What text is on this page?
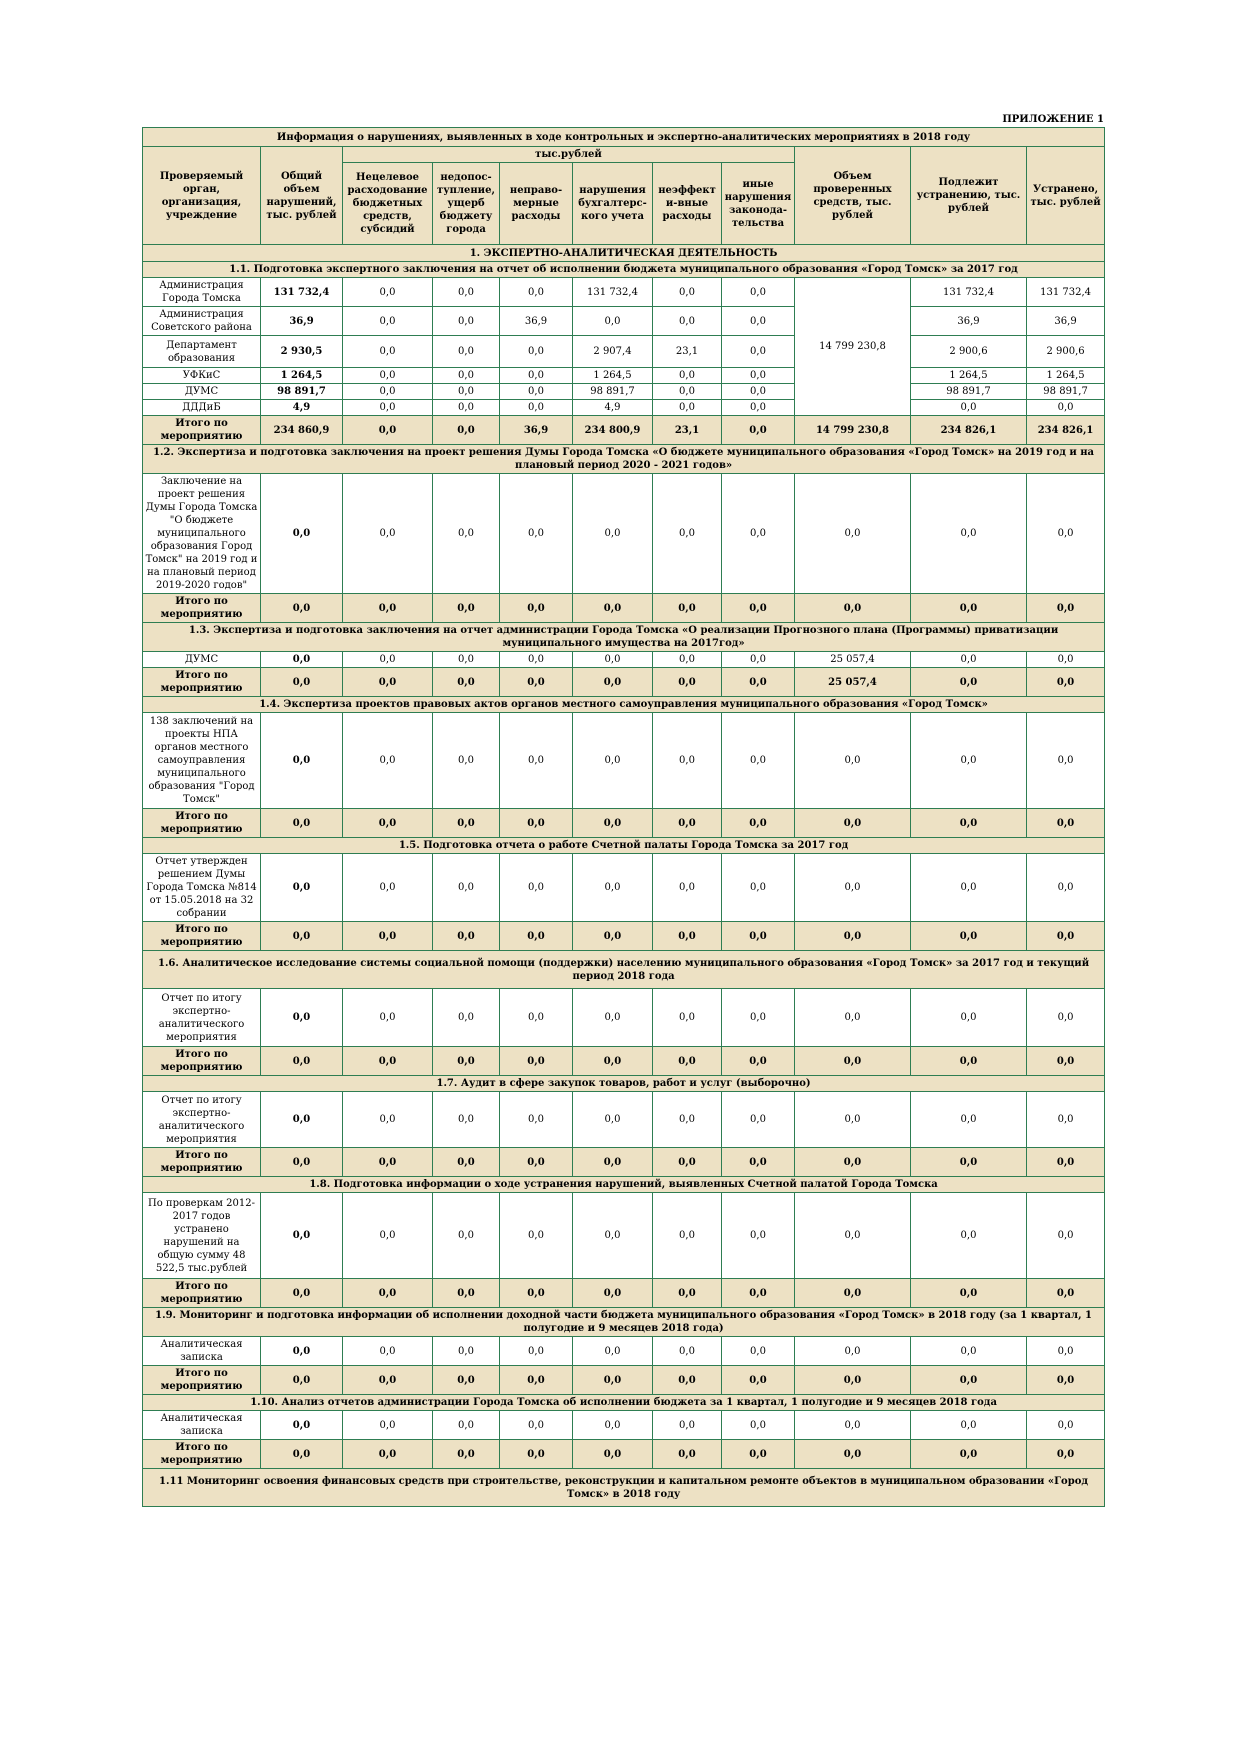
ПРИЛОЖЕНИЕ 1
Информация о нарушениях, выявленных в ходе контрольных и экспертно-аналитических мероприятиях в 2018 году										
Проверяемый орган, организация, учреждение	Общий объем нарушений, тыс. рублей	тыс.рублей						Объем проверенных средств, тыс. рублей	Подлежит устранению, тыс. рублей	Устранено, тыс. рублей
		Нецелевое расходование бюджетных средств, субсидий	недопос-тупление, ущерб бюджету города	неправо-мерные расходы	нарушения бухгалтерс-кого учета	неэффекти-вные расходы	иные нарушения законода-тельства			
1. ЭКСПЕРТНО-АНАЛИТИЧЕСКАЯ ДЕЯТЕЛЬНОСТЬ										
1.1. Подготовка экспертного заключения на отчет об исполнении бюджета муниципального образования «Город Томск» за 2017 год										
Администрация Города Томска	131 732,4	0,0	0,0	0,0	131 732,4	0,0	0,0	14 799 230,8	131 732,4	131 732,4
Администрация Советского района	36,9	0,0	0,0	36,9	0,0	0,0	0,0		36,9	36,9
Департамент образования	2 930,5	0,0	0,0	0,0	2 907,4	23,1	0,0		2 900,6	2 900,6
УФКиС	1 264,5	0,0	0,0	0,0	1 264,5	0,0	0,0		1 264,5	1 264,5
ДУМС	98 891,7	0,0	0,0	0,0	98 891,7	0,0	0,0		98 891,7	98 891,7
ДДДиБ	4,9	0,0	0,0	0,0	4,9	0,0	0,0		0,0	0,0
Итого по мероприятию	234 860,9	0,0	0,0	36,9	234 800,9	23,1	0,0	14 799 230,8	234 826,1	234 826,1
1.2. Экспертиза и подготовка заключения на проект решения Думы Города Томска «О бюджете муниципального образования «Город Томск» на 2019 год и на плановый период 2020 - 2021 годов»										
Заключение на проект решения Думы Города Томска "О бюджете муниципального образования Город Томск" на 2019 год и на плановый период 2019-2020 годов"	0,0	0,0	0,0	0,0	0,0	0,0	0,0	0,0	0,0	0,0
Итого по мероприятию	0,0	0,0	0,0	0,0	0,0	0,0	0,0	0,0	0,0	0,0
1.3. Экспертиза и подготовка заключения на отчет администрации Города Томска «О реализации Прогнозного плана (Программы) приватизации муниципального имущества на 2017год»										
ДУМС	0,0	0,0	0,0	0,0	0,0	0,0	0,0	25 057,4	0,0	0,0
Итого по мероприятию	0,0	0,0	0,0	0,0	0,0	0,0	0,0	25 057,4	0,0	0,0
1.4. Экспертиза проектов правовых актов органов местного самоуправления муниципального образования «Город Томск»										
138 заключений на проекты НПА органов местного самоуправления муниципального образования "Город Томск"	0,0	0,0	0,0	0,0	0,0	0,0	0,0	0,0	0,0	0,0
Итого по мероприятию	0,0	0,0	0,0	0,0	0,0	0,0	0,0	0,0	0,0	0,0
1.5. Подготовка отчета о работе Счетной палаты Города Томска за 2017 год										
Отчет утвержден решением Думы Города Томска №814 от 15.05.2018 на 32 собрании	0,0	0,0	0,0	0,0	0,0	0,0	0,0	0,0	0,0	0,0
Итого по мероприятию	0,0	0,0	0,0	0,0	0,0	0,0	0,0	0,0	0,0	0,0
1.6. Аналитическое исследование системы социальной помощи (поддержки) населению муниципального образования «Город Томск» за 2017 год и текущий период 2018 года										
Отчет по итогу экспертно-аналитического мероприятия	0,0	0,0	0,0	0,0	0,0	0,0	0,0	0,0	0,0	0,0
Итого по мероприятию	0,0	0,0	0,0	0,0	0,0	0,0	0,0	0,0	0,0	0,0
1.7. Аудит в сфере закупок товаров, работ и услуг (выборочно)										
Отчет по итогу экспертно-аналитического мероприятия	0,0	0,0	0,0	0,0	0,0	0,0	0,0	0,0	0,0	0,0
Итого по мероприятию	0,0	0,0	0,0	0,0	0,0	0,0	0,0	0,0	0,0	0,0
1.8. Подготовка информации о ходе устранения нарушений, выявленных Счетной палатой Города Томска										
По проверкам 2012-2017 годов устранено нарушений на общую сумму 48 522,5 тыс.рублей	0,0	0,0	0,0	0,0	0,0	0,0	0,0	0,0	0,0	0,0
Итого по мероприятию	0,0	0,0	0,0	0,0	0,0	0,0	0,0	0,0	0,0	0,0
1.9. Мониторинг и подготовка информации об исполнении доходной части бюджета муниципального образования «Город Томск» в 2018 году (за 1 квартал, 1 полугодие и 9 месяцев 2018 года)										
Аналитическая записка	0,0	0,0	0,0	0,0	0,0	0,0	0,0	0,0	0,0	0,0
Итого по мероприятию	0,0	0,0	0,0	0,0	0,0	0,0	0,0	0,0	0,0	0,0
1.10. Анализ отчетов администрации Города Томска об исполнении бюджета за 1 квартал, 1 полугодие и 9 месяцев 2018 года										
Аналитическая записка	0,0	0,0	0,0	0,0	0,0	0,0	0,0	0,0	0,0	0,0
Итого по мероприятию	0,0	0,0	0,0	0,0	0,0	0,0	0,0	0,0	0,0	0,0
1.11 Мониторинг освоения финансовых средств при строительстве, реконструкции и капитальном ремонте объектов в муниципальном образовании «Город Томск» в 2018 году										
